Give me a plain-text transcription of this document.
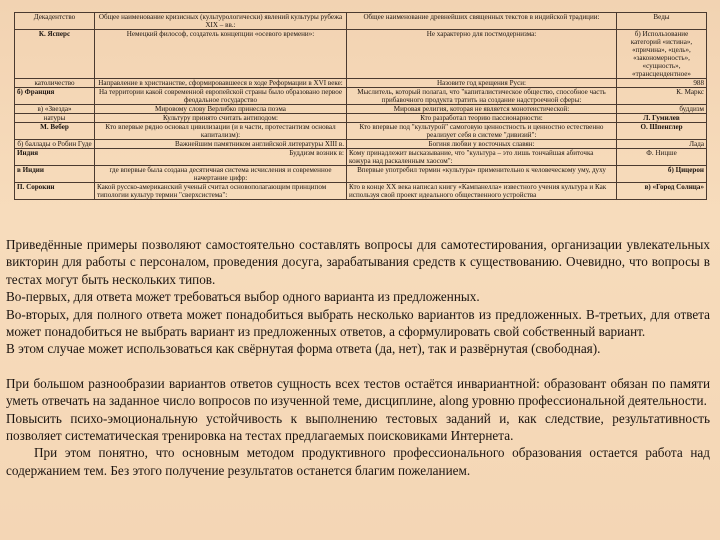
Декадентство	Общее наименование кризисных (культурологически) явлений культуры рубежа XIX – вв.:	Общее наименование древнейших священных текстов в индийской традиции:	Веды
К. Ясперс	Немецкий философ, создатель концепции «осевого времени»:	Не характерно для постмодернизма:	б) Использование категорий «истина», «причина», «цель», «закономерность», «сущность», «трансцендентное»
католичество	Направление в христианстве, сформировавшееся в ходе Реформации в XVI веке:	Назовите год крещения Руси:	988
б) Франция	На территории какой современной европейской страны было образовано первое феодальное государство	Мыслитель, который полагал, что "капиталистическое общество, способное часть прибавочного продукта тратить на создание надстроечной сферы:	К. Маркс
в) «Звезда»	Мировому слову Верлибко принесла поэма	Мировая религия, которая не является монотеистической:	буддизм
натуры	Культуру принято считать антиподом:	Кто разработал теорию пассионарности:	Л. Гумилев
М. Вебер	Кто впервые рядно основал цивилизации (и в части, протестантизм основал капитализм):	Кто впервые под "культурой" самоговую ценностность и ценностно естественно реализует себя в системе "дивизий":	О. Шпенглер
б) баллады о Робин Гуде	Важнейшим памятником английской литературы XIII в.	Богиня любви у восточных славян:	Лада
Индия	Буддизм возник в:	Кому принадлежит высказывание, что "культура – это лишь тончайшая абиточка кожура над раскаленным хаосом":	Ф. Ницше
в Индии	где впервые была создана десятичная система исчисления и современное начертание цифр:	Впервые употребил термин «культура» применительно к человеческому уму, духу	б) Цицерон
П. Сорокин	Какой русско-американский ученый считал основополагающим принципом типологии культур термин "сверхсистема":	Кто в конце XX века написал книгу «Кампанелла» известного учения культура и Как используя свой проект идеального общественного устройства	в) «Город Солнца»

Приведённые примеры позволяют самостоятельно составлять вопросы для самотестирования, организации увлекательных викторин для работы с персоналом, проведения досуга, зарабатывания средств к существованию. Очевидно, что вопросы в тестах могут быть нескольких типов.

Во-первых, для ответа может требоваться выбор одного варианта из предложенных.

Во-вторых, для полного ответа может понадобиться выбрать несколько вариантов из предложенных. В-третьих, для ответа может понадобиться не выбрать вариант из предложенных ответов, а сформулировать свой собственный вариант.

В этом случае может использоваться как свёрнутая форма ответа (да, нет), так и развёрнутая (свободная).

При большом разнообразии вариантов ответов сущность всех тестов остаётся инвариантной: образовант обязан по памяти уметь отвечать на заданное число вопросов по изученной теме, дисциплине, along уровню профессиональной деятельности.

Повысить психо-эмоциональную устойчивость к выполнению тестовых заданий и, как следствие, результативность позволяет систематическая тренировка на тестах предлагаемых поисковиками Интернета.

При этом понятно, что основным методом продуктивного профессионального образования остается работа над содержанием тем. Без этого получение результатов останется благим пожеланием.
